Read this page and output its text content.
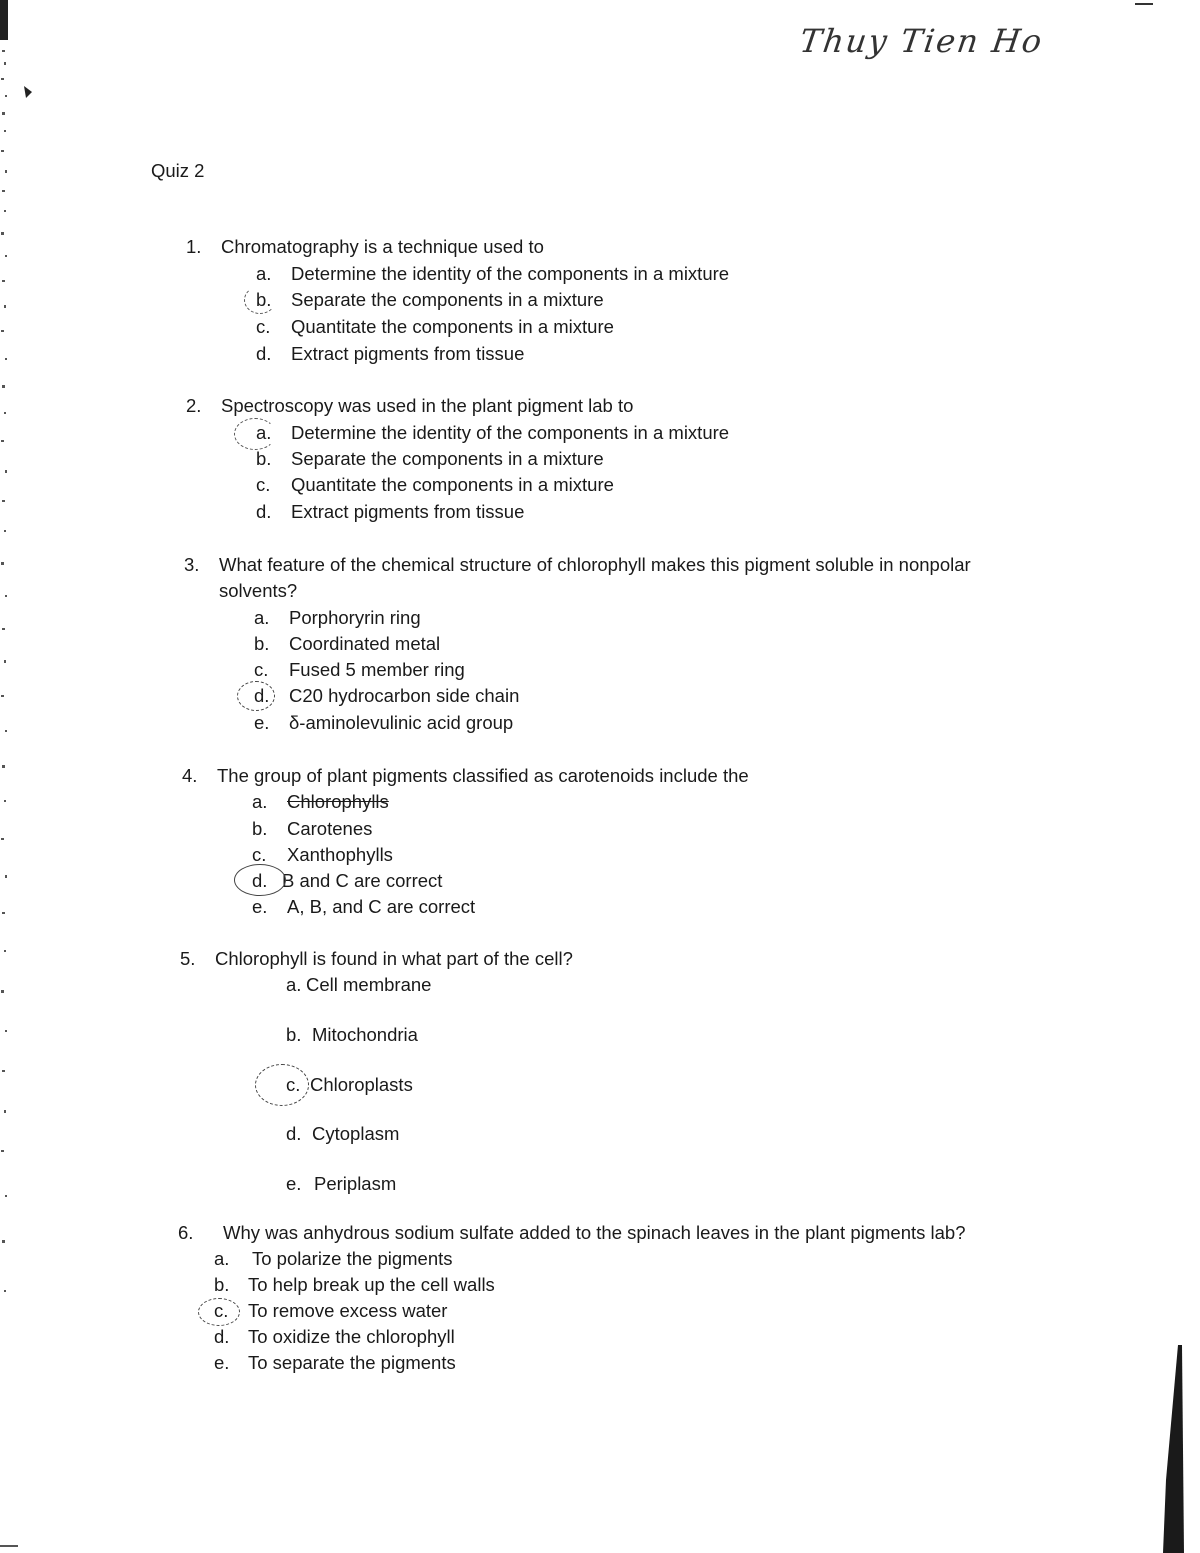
Thuy Tien Ho
Quiz 2
1. Chromatography is a technique used to
a. Determine the identity of the components in a mixture
b. Separate the components in a mixture
c. Quantitate the components in a mixture
d. Extract pigments from tissue
2. Spectroscopy was used in the plant pigment lab to
a. Determine the identity of the components in a mixture
b. Separate the components in a mixture
c. Quantitate the components in a mixture
d. Extract pigments from tissue
3. What feature of the chemical structure of chlorophyll makes this pigment soluble in nonpolar
solvents?
a. Porphoryrin ring
b. Coordinated metal
c. Fused 5 member ring
d. C20 hydrocarbon side chain
e. δ-aminolevulinic acid group
4. The group of plant pigments classified as carotenoids include the
a. Chlorophylls
b. Carotenes
c. Xanthophylls
d. B and C are correct
e. A, B, and C are correct
5. Chlorophyll is found in what part of the cell?
a. Cell membrane
b. Mitochondria
c. Chloroplasts
d. Cytoplasm
e. Periplasm
6. Why was anhydrous sodium sulfate added to the spinach leaves in the plant pigments lab?
a. To polarize the pigments
b. To help break up the cell walls
c. To remove excess water
d. To oxidize the chlorophyll
e. To separate the pigments
